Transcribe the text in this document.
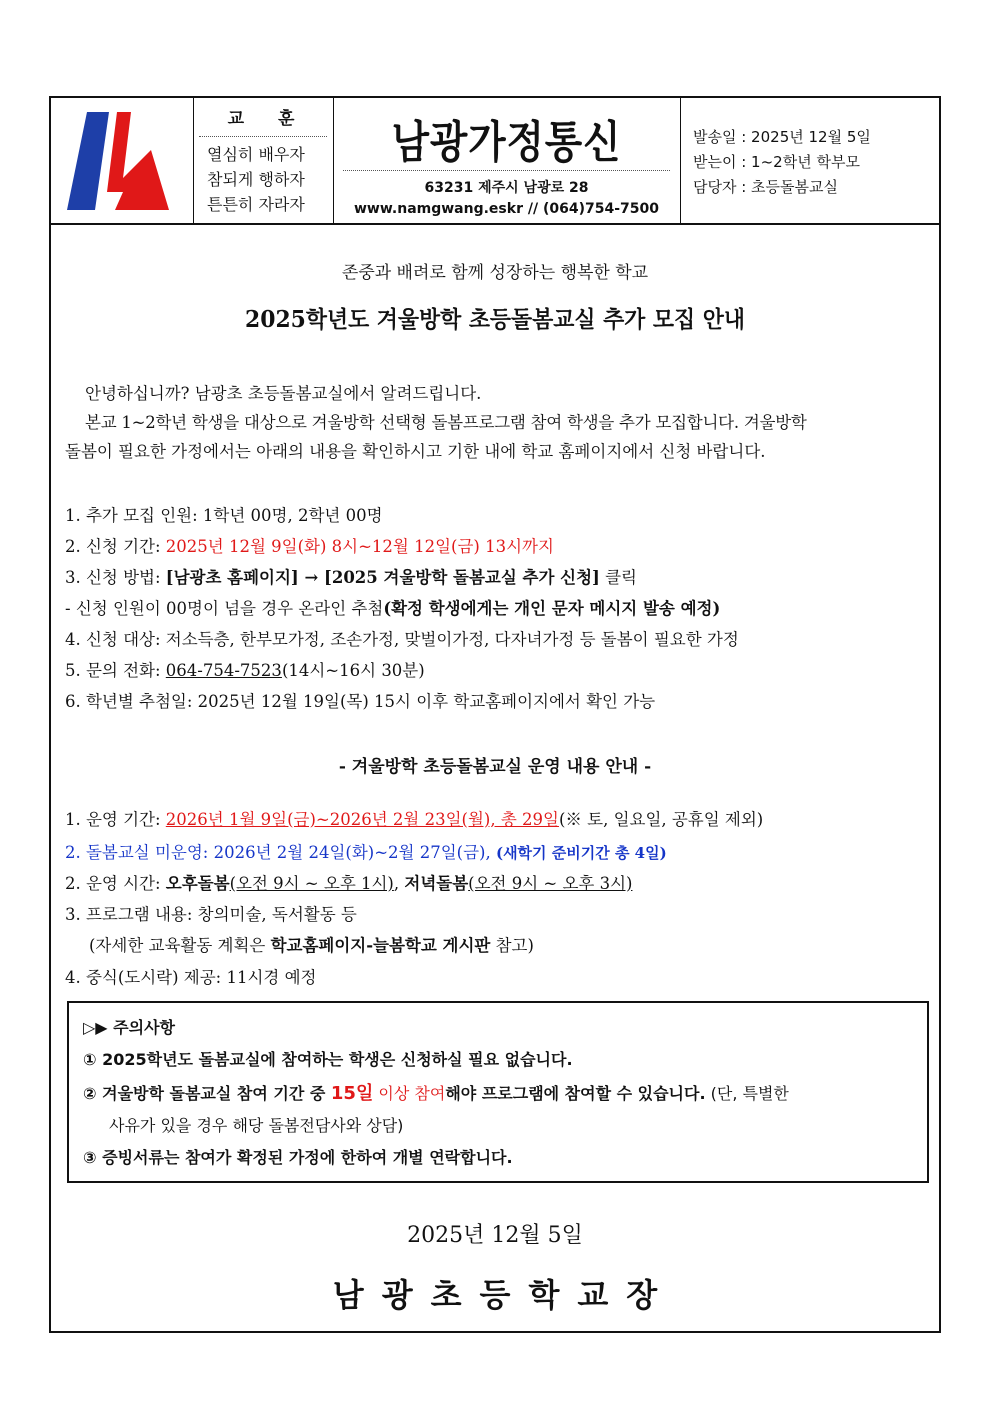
교 훈
열심히 배우자
참되게 행하자
튼튼히 자라자
남광가정통신
63231 제주시 남광로 28
www.namgwang.eskr // (064)754-7500
발송일 : 2025년 12월 5일
받는이 : 1~2학년 학부모
담당자 : 초등돌봄교실
존중과 배려로 함께 성장하는 행복한 학교
2025학년도 겨울방학 초등돌봄교실 추가 모집 안내
안녕하십니까? 남광초 초등돌봄교실에서 알려드립니다.
본교 1~2학년 학생을 대상으로 겨울방학 선택형 돌봄프로그램 참여 학생을 추가 모집합니다. 겨울방학
돌봄이 필요한 가정에서는 아래의 내용을 확인하시고 기한 내에 학교 홈페이지에서 신청 바랍니다.
1. 추가 모집 인원: 1학년 00명, 2학년 00명
2. 신청 기간: 2025년 12월 9일(화) 8시~12월 12일(금) 13시까지
3. 신청 방법: [남광초 홈페이지] → [2025 겨울방학 돌봄교실 추가 신청] 클릭
- 신청 인원이 00명이 넘을 경우 온라인 추첨(확정 학생에게는 개인 문자 메시지 발송 예정)
4. 신청 대상: 저소득층, 한부모가정, 조손가정, 맞벌이가정, 다자녀가정 등 돌봄이 필요한 가정
5. 문의 전화: 064-754-7523(14시~16시 30분)
6. 학년별 추첨일: 2025년 12월 19일(목) 15시 이후 학교홈페이지에서 확인 가능
- 겨울방학 초등돌봄교실 운영 내용 안내 -
1. 운영 기간: 2026년 1월 9일(금)~2026년 2월 23일(월), 총 29일(※ 토, 일요일, 공휴일 제외)
2. 돌봄교실 미운영: 2026년 2월 24일(화)~2월 27일(금), (새학기 준비기간 총 4일)
2. 운영 시간: 오후돌봄(오전 9시 ~ 오후 1시), 저녁돌봄(오전 9시 ~ 오후 3시)
3. 프로그램 내용: 창의미술, 독서활동 등
(자세한 교육활동 계획은 학교홈페이지-늘봄학교 게시판 참고)
4. 중식(도시락) 제공: 11시경 예정
▷▶ 주의사항
① 2025학년도 돌봄교실에 참여하는 학생은 신청하실 필요 없습니다.
② 겨울방학 돌봄교실 참여 기간 중 15일 이상 참여해야 프로그램에 참여할 수 있습니다. (단, 특별한
사유가 있을 경우 해당 돌봄전담사와 상담)
③ 증빙서류는 참여가 확정된 가정에 한하여 개별 연락합니다.
2025년 12월 5일
남광초등학교장
